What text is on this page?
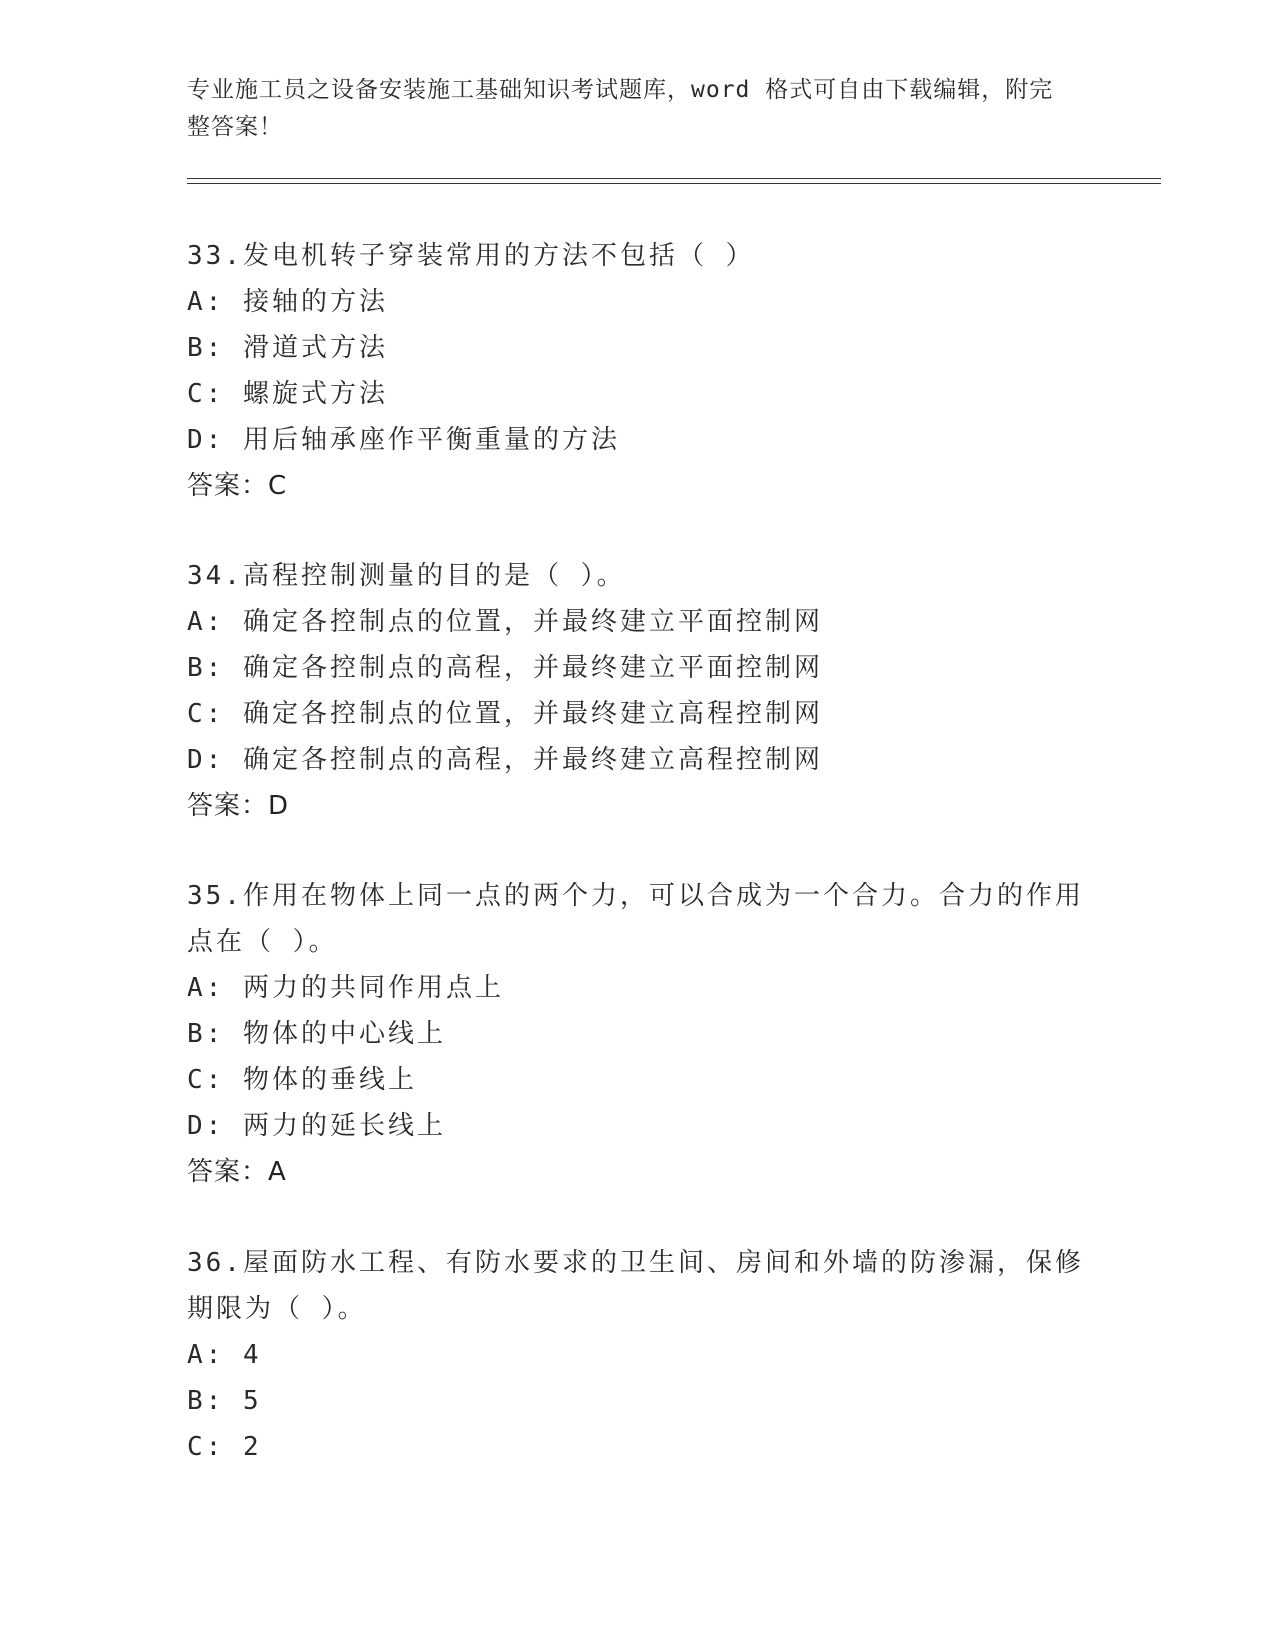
专业施工员之设备安装施工基础知识考试题库，word 格式可自由下载编辑，附完
整答案！

33.发电机转子穿装常用的方法不包括（ ）

A: 接轴的方法

B: 滑道式方法

C: 螺旋式方法

D: 用后轴承座作平衡重量的方法

答案：C

34.高程控制测量的目的是（ ）。

A: 确定各控制点的位置，并最终建立平面控制网

B: 确定各控制点的高程，并最终建立平面控制网

C: 确定各控制点的位置，并最终建立高程控制网

D: 确定各控制点的高程，并最终建立高程控制网

答案：D

35.作用在物体上同一点的两个力，可以合成为一个合力。合力的作用

点在（ ）。

A: 两力的共同作用点上

B: 物体的中心线上

C: 物体的垂线上

D: 两力的延长线上

答案：A

36.屋面防水工程、有防水要求的卫生间、房间和外墙的防渗漏，保修

期限为（ ）。

A: 4

B: 5

C: 2
